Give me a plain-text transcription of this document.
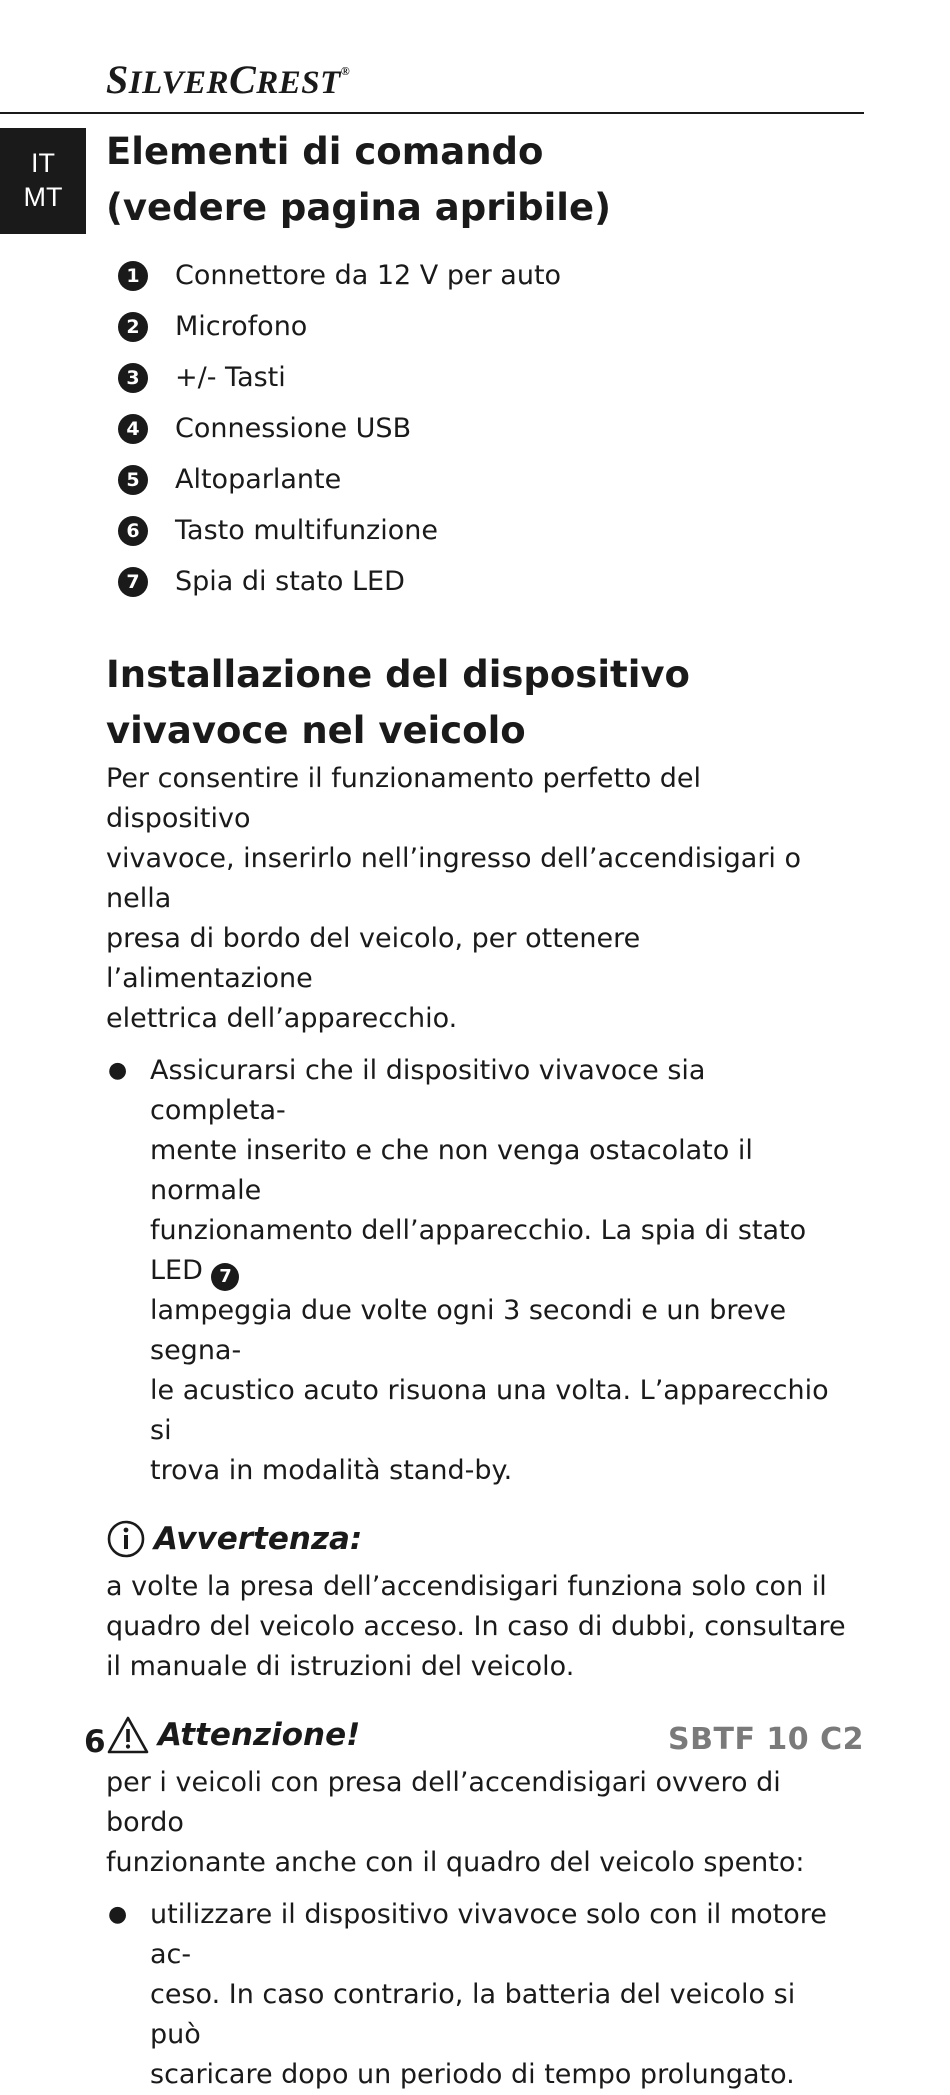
SILVERCREST®
IT
MT
Elementi di comando
(vedere pagina apribile)
1	Connettore da 12 V per auto
2	Microfono
3	+/- Tasti
4	Connessione USB
5	Altoparlante
6	Tasto multifunzione
7	Spia di stato LED
Installazione del dispositivo
vivavoce nel veicolo

Per consentire il funzionamento perfetto del dispositivo
vivavoce, inserirlo nell’ingresso dell’accendisigari o nella
presa di bordo del veicolo, per ottenere l’alimentazione
elettrica dell’apparecchio.

● Assicurarsi che il dispositivo vivavoce sia completa-
mente inserito e che non venga ostacolato il normale
funzionamento dell’apparecchio. La spia di stato LED 7
lampeggia due volte ogni 3 secondi e un breve segna-
le acustico acuto risuona una volta. L’apparecchio si
trova in modalità stand-by.
Avvertenza:

a volte la presa dell’accendisigari funziona solo con il
quadro del veicolo acceso. In caso di dubbi, consultare
il manuale di istruzioni del veicolo.

Attenzione!

per i veicoli con presa dell’accendisigari ovvero di bordo
funzionante anche con il quadro del veicolo spento:

● utilizzare il dispositivo vivavoce solo con il motore ac-
ceso. In caso contrario, la batteria del veicolo si può
scaricare dopo un periodo di tempo prolungato.
6	SBTF 10 C2
